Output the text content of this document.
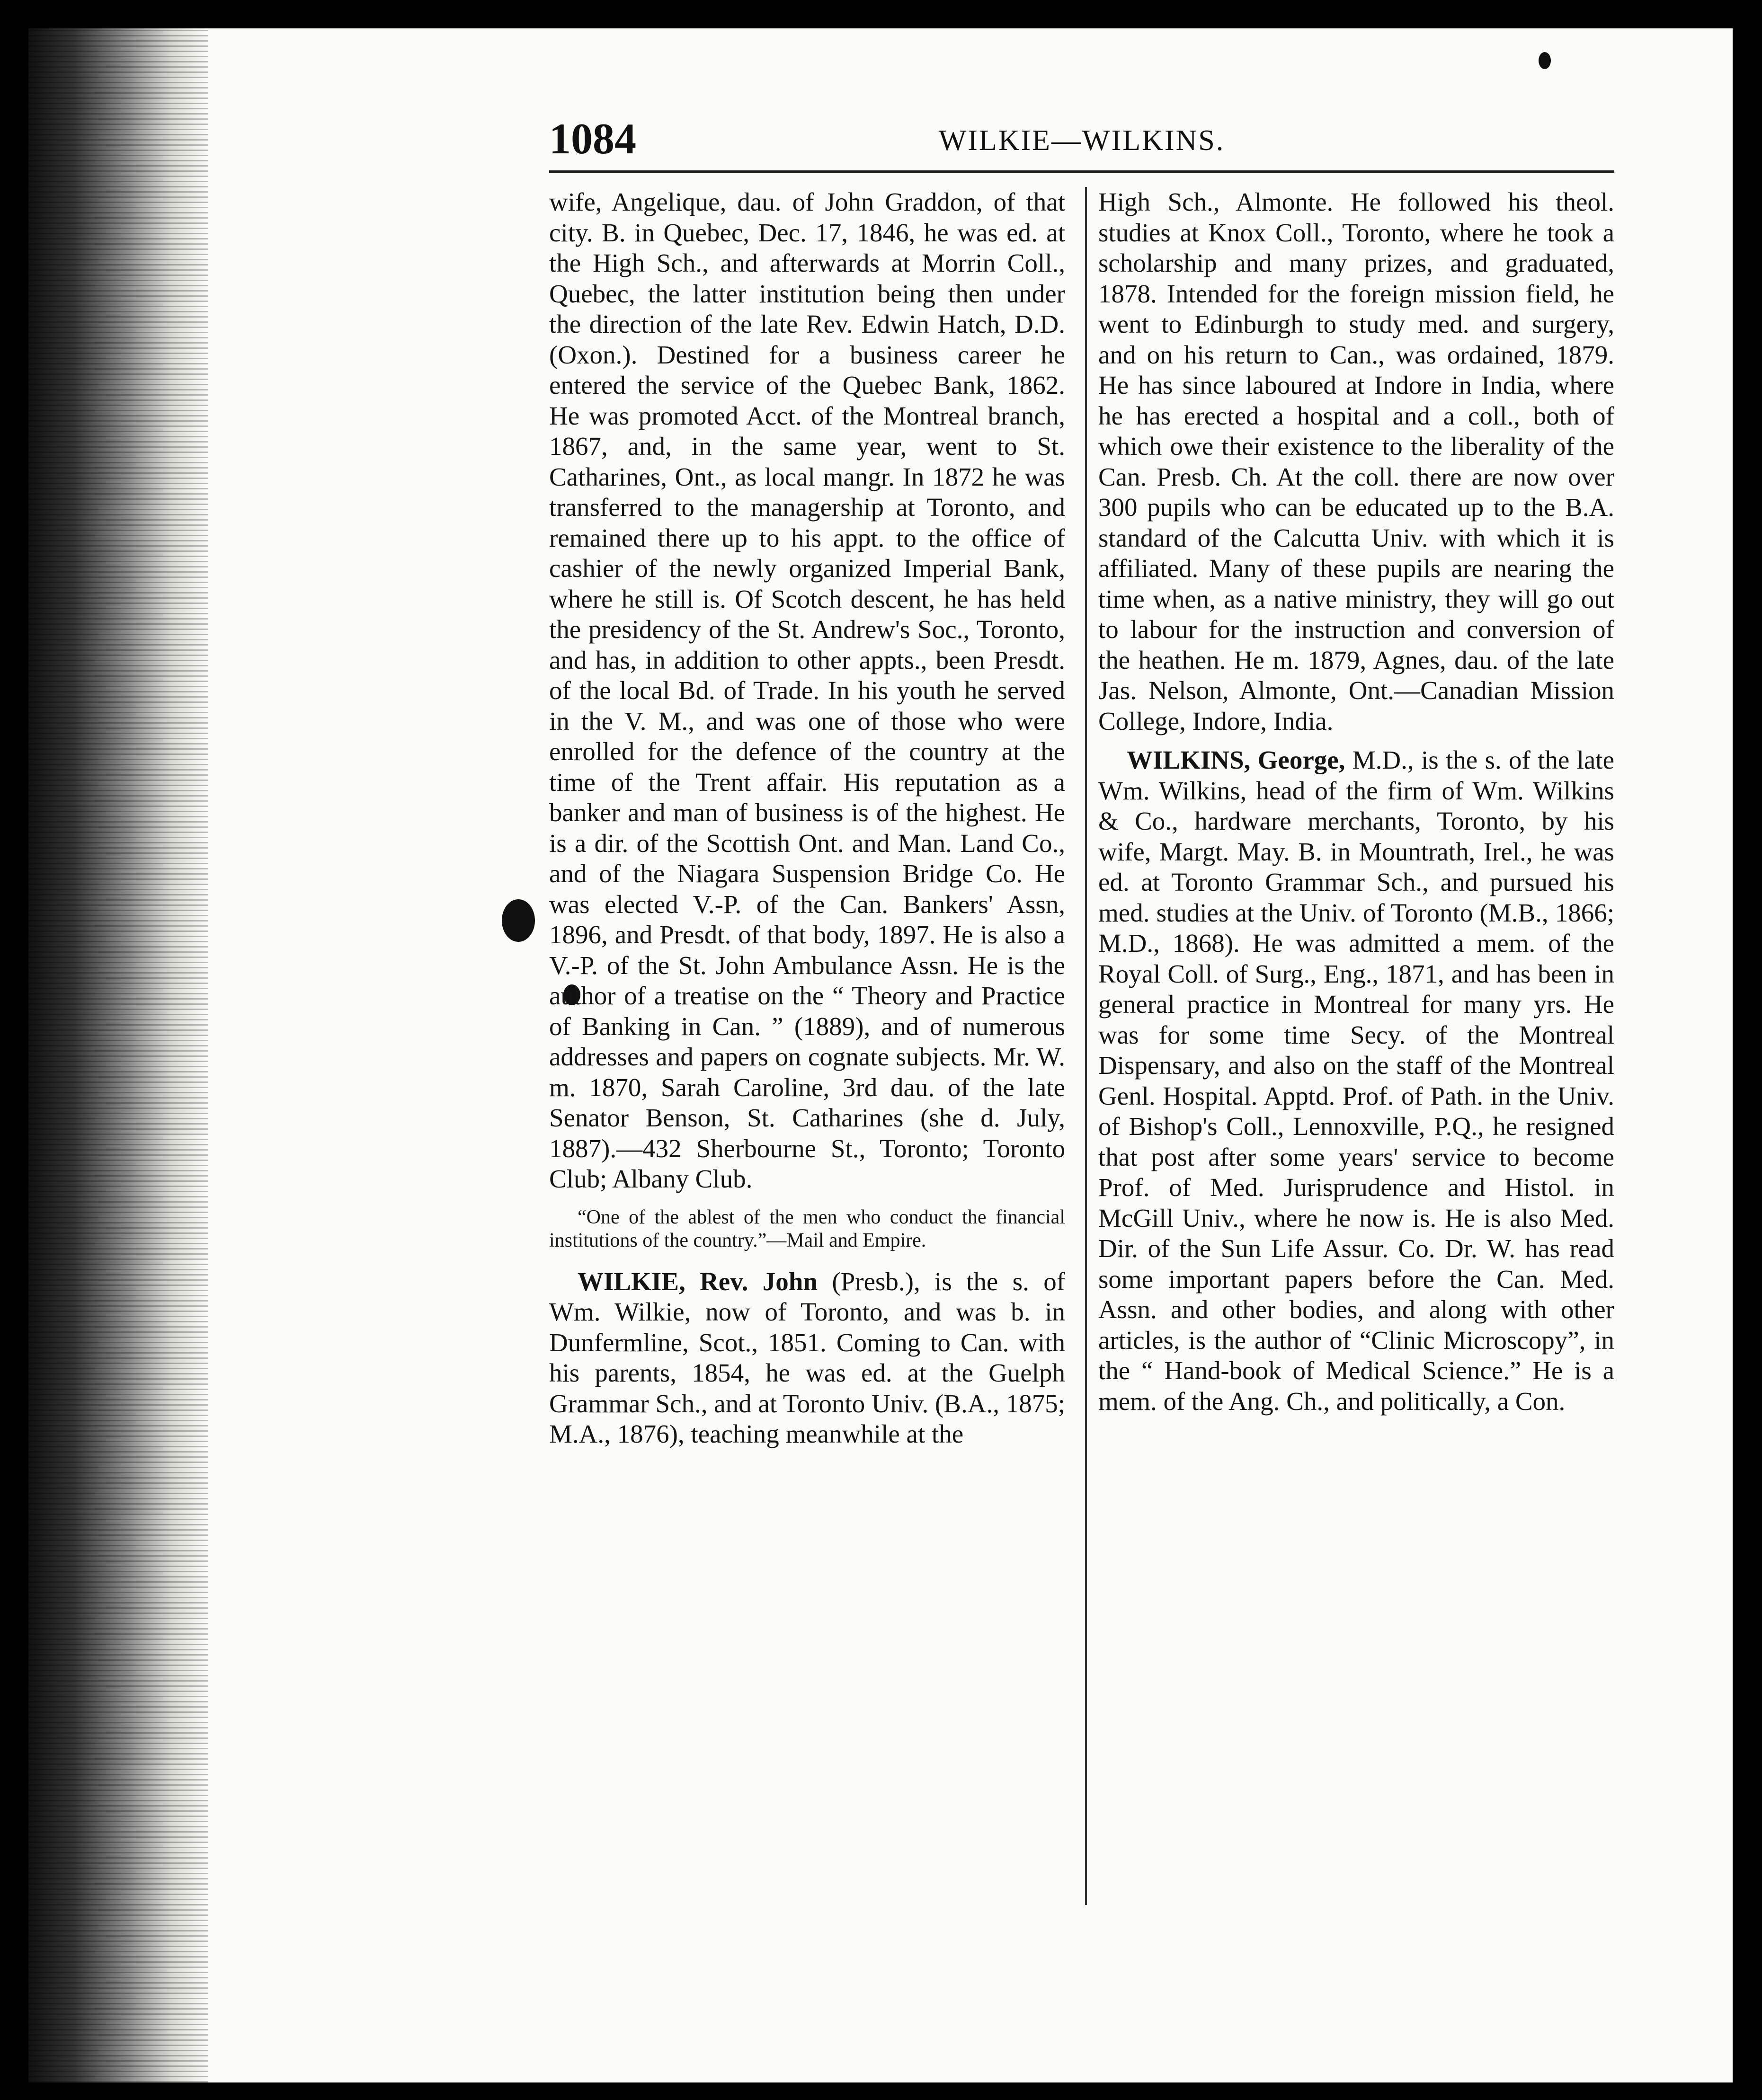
1084	WILKIE—WILKINS.

wife, Angelique, dau. of John Graddon, of that city. B. in Quebec, Dec. 17, 1846, he was ed. at the High Sch., and afterwards at Morrin Coll., Quebec, the latter institution being then under the direction of the late Rev. Edwin Hatch, D.D. (Oxon.). Destined for a business career he entered the service of the Quebec Bank, 1862. He was promoted Acct. of the Montreal branch, 1867, and, in the same year, went to St. Catharines, Ont., as local mangr. In 1872 he was transferred to the managership at Toronto, and remained there up to his appt. to the office of cashier of the newly organized Imperial Bank, where he still is. Of Scotch descent, he has held the presidency of the St. Andrew's Soc., Toronto, and has, in addition to other appts., been Presdt. of the local Bd. of Trade. In his youth he served in the V. M., and was one of those who were enrolled for the defence of the country at the time of the Trent affair. His reputation as a banker and man of business is of the highest. He is a dir. of the Scottish Ont. and Man. Land Co., and of the Niagara Suspension Bridge Co. He was elected V.-P. of the Can. Bankers' Assn, 1896, and Presdt. of that body, 1897. He is also a V.-P. of the St. John Ambulance Assn. He is the author of a treatise on the “ Theory and Practice of Banking in Can. ” (1889), and of numerous addresses and papers on cognate subjects. Mr. W. m. 1870, Sarah Caroline, 3rd dau. of the late Senator Benson, St. Catharines (she d. July, 1887).—432 Sherbourne St., Toronto; Toronto Club; Albany Club.

“One of the ablest of the men who conduct the financial institutions of the country.”—Mail and Empire.

WILKIE, Rev. John (Presb.), is the s. of Wm. Wilkie, now of Toronto, and was b. in Dunfermline, Scot., 1851. Coming to Can. with his parents, 1854, he was ed. at the Guelph Grammar Sch., and at Toronto Univ. (B.A., 1875; M.A., 1876), teaching meanwhile at the

High Sch., Almonte. He followed his theol. studies at Knox Coll., Toronto, where he took a scholarship and many prizes, and graduated, 1878. Intended for the foreign mission field, he went to Edinburgh to study med. and surgery, and on his return to Can., was ordained, 1879. He has since laboured at Indore in India, where he has erected a hospital and a coll., both of which owe their existence to the liberality of the Can. Presb. Ch. At the coll. there are now over 300 pupils who can be educated up to the B.A. standard of the Calcutta Univ. with which it is affiliated. Many of these pupils are nearing the time when, as a native ministry, they will go out to labour for the instruction and conversion of the heathen. He m. 1879, Agnes, dau. of the late Jas. Nelson, Almonte, Ont.—Canadian Mission College, Indore, India.

WILKINS, George, M.D., is the s. of the late Wm. Wilkins, head of the firm of Wm. Wilkins & Co., hardware merchants, Toronto, by his wife, Margt. May. B. in Mountrath, Irel., he was ed. at Toronto Grammar Sch., and pursued his med. studies at the Univ. of Toronto (M.B., 1866; M.D., 1868). He was admitted a mem. of the Royal Coll. of Surg., Eng., 1871, and has been in general practice in Montreal for many yrs. He was for some time Secy. of the Montreal Dispensary, and also on the staff of the Montreal Genl. Hospital. Apptd. Prof. of Path. in the Univ. of Bishop's Coll., Lennoxville, P.Q., he resigned that post after some years' service to become Prof. of Med. Jurisprudence and Histol. in McGill Univ., where he now is. He is also Med. Dir. of the Sun Life Assur. Co. Dr. W. has read some important papers before the Can. Med. Assn. and other bodies, and along with other articles, is the author of “Clinic Microscopy”, in the “ Hand-book of Medical Science.” He is a mem. of the Ang. Ch., and politically, a Con.
